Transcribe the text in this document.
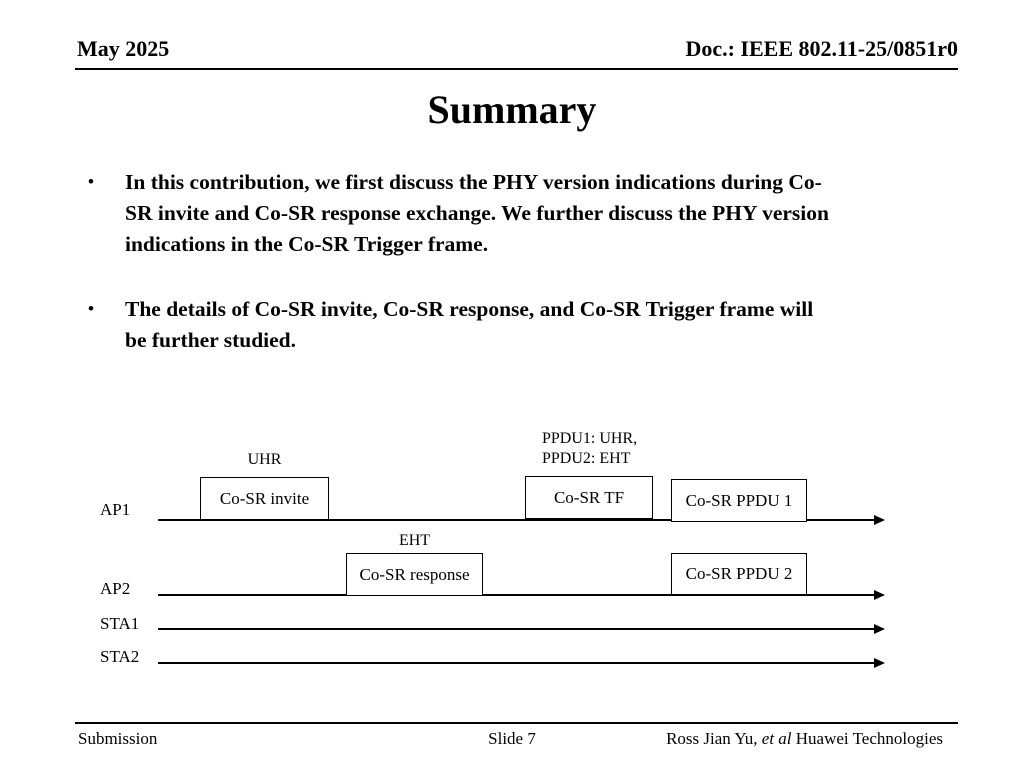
May 2025	Doc.: IEEE 802.11-25/0851r0
Summary
• In this contribution, we first discuss the PHY version indications during Co-
SR invite and Co-SR response exchange. We further discuss the PHY version
indications in the Co-SR Trigger frame.
• The details of Co-SR invite, Co-SR response, and Co-SR Trigger frame will
be further studied.
AP1
AP2
STA1
STA2
UHR
EHT
PPDU1: UHR,
PPDU2: EHT
Co-SR invite	Co-SR TF	Co-SR PPDU 1
Co-SR response	Co-SR PPDU 2
Submission	Slide 7	Ross Jian Yu, et al Huawei Technologies
